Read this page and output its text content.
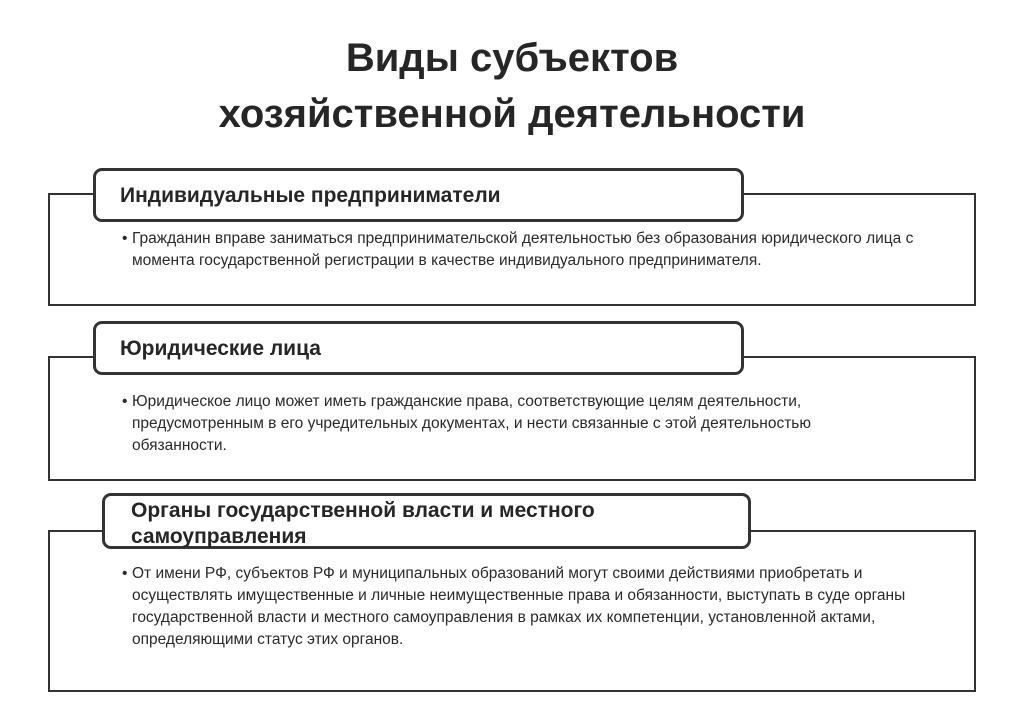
Виды субъектов
хозяйственной деятельности
Индивидуальные предприниматели
• Гражданин вправе заниматься предпринимательской деятельностью без образования юридического лица с момента государственной регистрации в качестве индивидуального предпринимателя.
Юридические лица
• Юридическое лицо может иметь гражданские права, соответствующие целям деятельности, предусмотренным в его учредительных документах, и нести связанные с этой деятельностью обязанности.
Органы государственной власти и местного самоуправления
• От имени РФ, субъектов РФ и муниципальных образований могут своими действиями приобретать и осуществлять имущественные и личные неимущественные права и обязанности, выступать в суде органы государственной власти и местного самоуправления в рамках их компетенции, установленной актами, определяющими статус этих органов.
